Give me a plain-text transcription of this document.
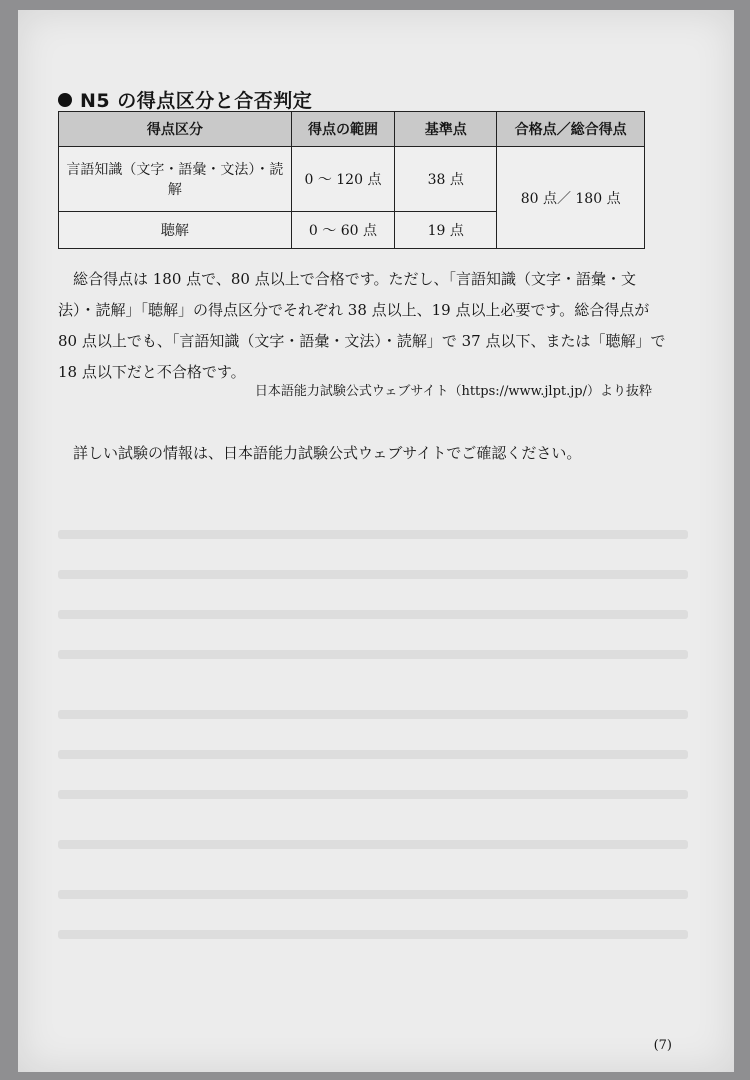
N5 の得点区分と合否判定
得点区分	得点の範囲	基準点	合格点／総合得点
言語知識（文字・語彙・文法）・読解	0 ～ 120 点	38 点	80 点／ 180 点
聴解	0 ～ 60 点	19 点	

総合得点は 180 点で、80 点以上で合格です。ただし、「言語知識（文字・語彙・文法）・読解」「聴解」の得点区分でそれぞれ 38 点以上、19 点以上必要です。総合得点が 80 点以上でも、「言語知識（文字・語彙・文法）・読解」で 37 点以下、または「聴解」で 18 点以下だと不合格です。

日本語能力試験公式ウェブサイト（https://www.jlpt.jp/）より抜粋

詳しい試験の情報は、日本語能力試験公式ウェブサイトでご確認ください。

(7)
